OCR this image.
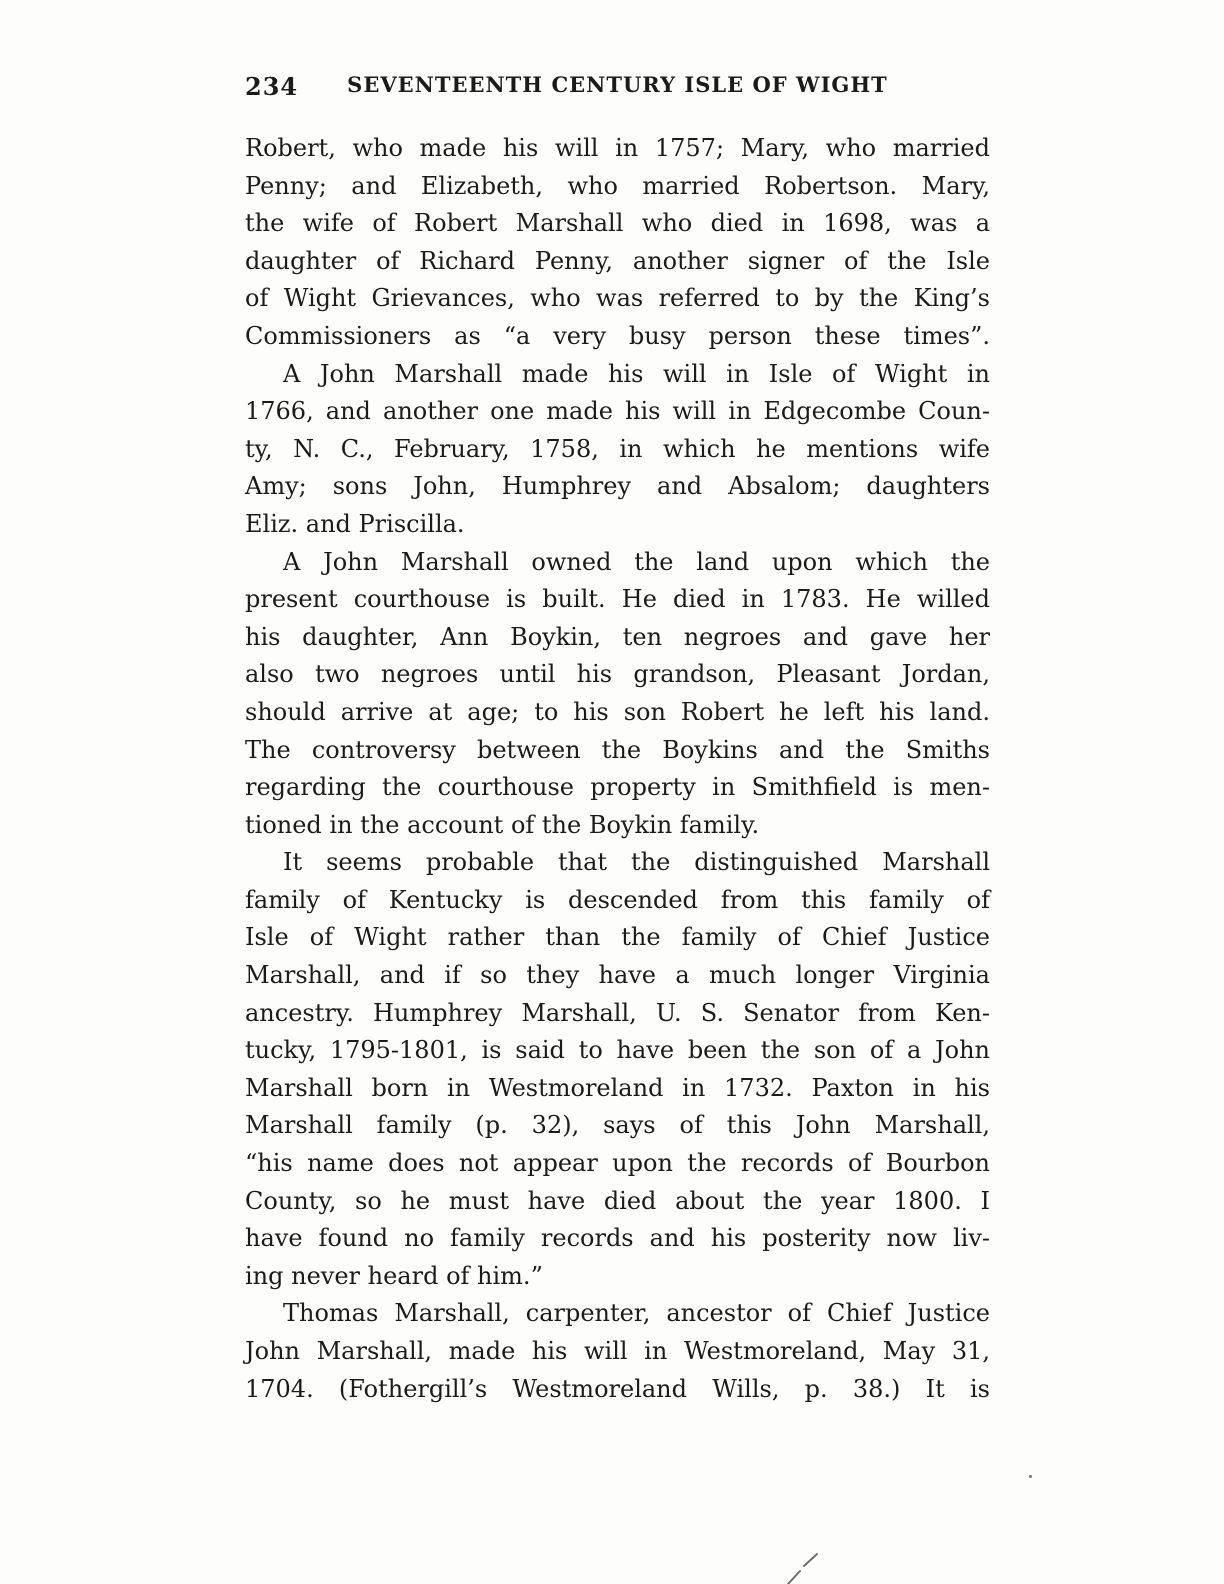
234	SEVENTEENTH CENTURY ISLE OF WIGHT
Robert, who made his will in 1757; Mary, who married
Penny; and Elizabeth, who married Robertson. Mary,
the wife of Robert Marshall who died in 1698, was a
daughter of Richard Penny, another signer of the Isle
of Wight Grievances, who was referred to by the King’s
Commissioners as “a very busy person these times”.
A John Marshall made his will in Isle of Wight in
1766, and another one made his will in Edgecombe Coun-
ty, N. C., February, 1758, in which he mentions wife
Amy; sons John, Humphrey and Absalom; daughters
Eliz. and Priscilla.
A John Marshall owned the land upon which the
present courthouse is built. He died in 1783. He willed
his daughter, Ann Boykin, ten negroes and gave her
also two negroes until his grandson, Pleasant Jordan,
should arrive at age; to his son Robert he left his land.
The controversy between the Boykins and the Smiths
regarding the courthouse property in Smithfield is men-
tioned in the account of the Boykin family.
It seems probable that the distinguished Marshall
family of Kentucky is descended from this family of
Isle of Wight rather than the family of Chief Justice
Marshall, and if so they have a much longer Virginia
ancestry. Humphrey Marshall, U. S. Senator from Ken-
tucky, 1795-1801, is said to have been the son of a John
Marshall born in Westmoreland in 1732. Paxton in his
Marshall family (p. 32), says of this John Marshall,
“his name does not appear upon the records of Bourbon
County, so he must have died about the year 1800. I
have found no family records and his posterity now liv-
ing never heard of him.”
Thomas Marshall, carpenter, ancestor of Chief Justice
John Marshall, made his will in Westmoreland, May 31,
1704. (Fothergill’s Westmoreland Wills, p. 38.) It is
